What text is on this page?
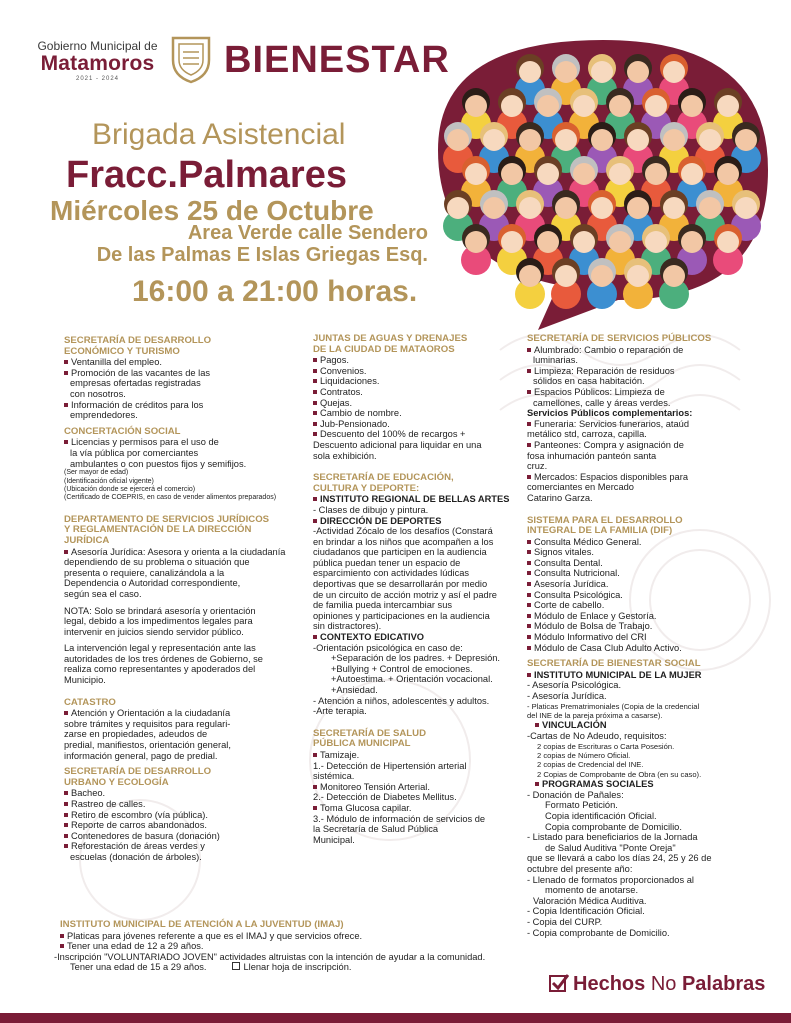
Gobierno Municipal de
Matamoros
2021 - 2024	BIENESTAR
Brigada Asistencial
Fracc.Palmares
Miércoles 25 de Octubre
Area Verde calle Sendero
De las Palmas E Islas Griegas Esq.
16:00 a 21:00 horas.
SECRETARÍA DE DESARROLLO
ECONÓMICO Y TURISMO
Ventanilla del empleo.
Promoción de las vacantes de las
empresas ofertadas registradas
con nosotros.
Información de créditos para los
emprendedores.
CONCERTACIÓN SOCIAL
Licencias y permisos para el uso de
la vía pública por comerciantes
ambulantes o con puestos fijos y semifijos.
(Ser mayor de edad)
(Identificación oficial vigente)
(Ubicación donde se ejercerá el comercio)
(Certificado de COEPRIS, en caso de vender alimentos preparados)
DEPARTAMENTO DE SERVICIOS JURÍDICOS
Y REGLAMENTACIÓN DE LA DIRECCIÓN
JURÍDICA
Asesoría Jurídica: Asesora y orienta a la ciudadanía
dependiendo de su problema o situación que
presenta o requiere, canalizándola a la
Dependencia o Autoridad correspondiente,
según sea el caso.
NOTA: Solo se brindará asesoría y orientación
legal, debido a los impedimentos legales para
intervenir en juicios siendo servidor público.
La intervención legal y representación ante las
autoridades de los tres órdenes de Gobierno, se
realiza como representantes y apoderados del
Municipio.
CATASTRO
Atención y Orientación a la ciudadanía
sobre trámites y requisitos para regulari-
zarse en propiedades, adeudos de
predial, manifiestos, orientación general,
información general, pago de predial.
SECRETARÍA DE DESARROLLO
URBANO Y ECOLOGÍA
Bacheo.
Rastreo de calles.
Retiro de escombro (vía pública).
Reporte de carros abandonados.
Contenedores de basura (donación)
Reforestación de áreas verdes y
escuelas (donación de árboles).
JUNTAS DE AGUAS Y DRENAJES
DE LA CIUDAD DE MATAOROS
Pagos.
Convenios.
Liquidaciones.
Contratos.
Quejas.
Cambio de nombre.
Jub-Pensionado.
Descuento del 100% de recargos +
Descuento adicional para liquidar en una
sola exhibición.
SECRETARÍA DE EDUCACIÓN,
CULTURA Y DEPORTE:
INSTITUTO REGIONAL DE BELLAS ARTES
- Clases de dibujo y pintura.
DIRECCIÓN DE DEPORTES
-Actividad Zócalo de los desafíos (Constará
en brindar a los niños que acompañen a los
ciudadanos que participen en la audiencia
pública puedan tener un espacio de
esparcimiento con actividades lúdicas
deportivas que se desarrollarán por medio
de un circuito de acción motriz y así el padre
de familia pueda intercambiar sus
opiniones y participaciones en la audiencia
sin distractores).
CONTEXTO EDICATIVO
-Orientación psicológica en caso de:
+Separación de los padres. + Depresión.
+Bullying + Control de emociones.
+Autoestima. + Orientación vocacional.
+Ansiedad.
- Atención a niños, adolescentes y adultos.
-Arte terapia.
SECRETARÍA DE SALUD
PÚBLICA MUNICIPAL
Tamizaje.
1.- Detección de Hipertensión arterial
sistémica.
Monitoreo Tensión Arterial.
2.- Detección de Diabetes Mellitus.
Toma Glucosa capilar.
3.- Módulo de información de servicios de
la Secretaría de Salud Pública
Municipal.
SECRETARÍA DE SERVICIOS PÚBLICOS
Alumbrado: Cambio o reparación de
luminarias.
Limpieza: Reparación de residuos
sólidos en casa habitación.
Espacios Públicos: Limpieza de
camellones, calle y áreas verdes.
Servicios Públicos complementarios:
Funeraria: Servicios funerarios, ataúd
metálico std, carroza, capilla.
Panteones: Compra y asignación de
fosa inhumación panteón santa
cruz.
Mercados: Espacios disponibles para
comerciantes en Mercado
Catarino Garza.
SISTEMA PARA EL DESARROLLO
INTEGRAL DE LA FAMILIA (DIF)
Consulta Médico General.
Signos vitales.
Consulta Dental.
Consulta Nutricional.
Asesoría Jurídica.
Consulta Psicológica.
Corte de cabello.
Módulo de Enlace y Gestoría.
Módulo de Bolsa de Trabajo.
Módulo Informativo del CRI
Módulo de Casa Club Adulto Activo.
SECRETARÍA DE BIENESTAR SOCIAL
INSTITUTO MUNICIPAL DE LA MUJER
- Asesoría Psicológica.
- Asesoría Jurídica.
- Platicas Prematrimoniales (Copia de la credencial
del INE de la pareja próxima a casarse).
VINCULACIÓN
-Cartas de No Adeudo, requisitos:
2 copias de Escrituras o Carta Posesión.
2 copias de Número Oficial.
2 copias de Credencial del INE.
2 Copias de Comprobante de Obra (en su caso).
PROGRAMAS SOCIALES
- Donación de Pañales:
Formato Petición.
Copia identificación Oficial.
Copia comprobante de Domicilio.
- Listado para beneficiarios de la Jornada
de Salud Auditiva "Ponte Oreja"
que se llevará a cabo los días 24, 25 y 26 de
octubre del presente año:
- Llenado de formatos proporcionados al
momento de anotarse.
Valoración Médica Auditiva.
- Copia Identificación Oficial.
- Copia del CURP.
- Copia comprobante de Domicilio.
INSTITUTO MUNICIPAL DE ATENCIÓN A LA JUVENTUD (IMAJ)
Platicas para jóvenes referente a que es el IMAJ y que servicios ofrece.
Tener una edad de 12 a 29 años.
-Inscripción "VOLUNTARIADO JOVEN" actividades altruistas con la intención de ayudar a la comunidad.
Tener una edad de 15 a 29 años.	Llenar hoja de inscripción.
Hechos No Palabras
